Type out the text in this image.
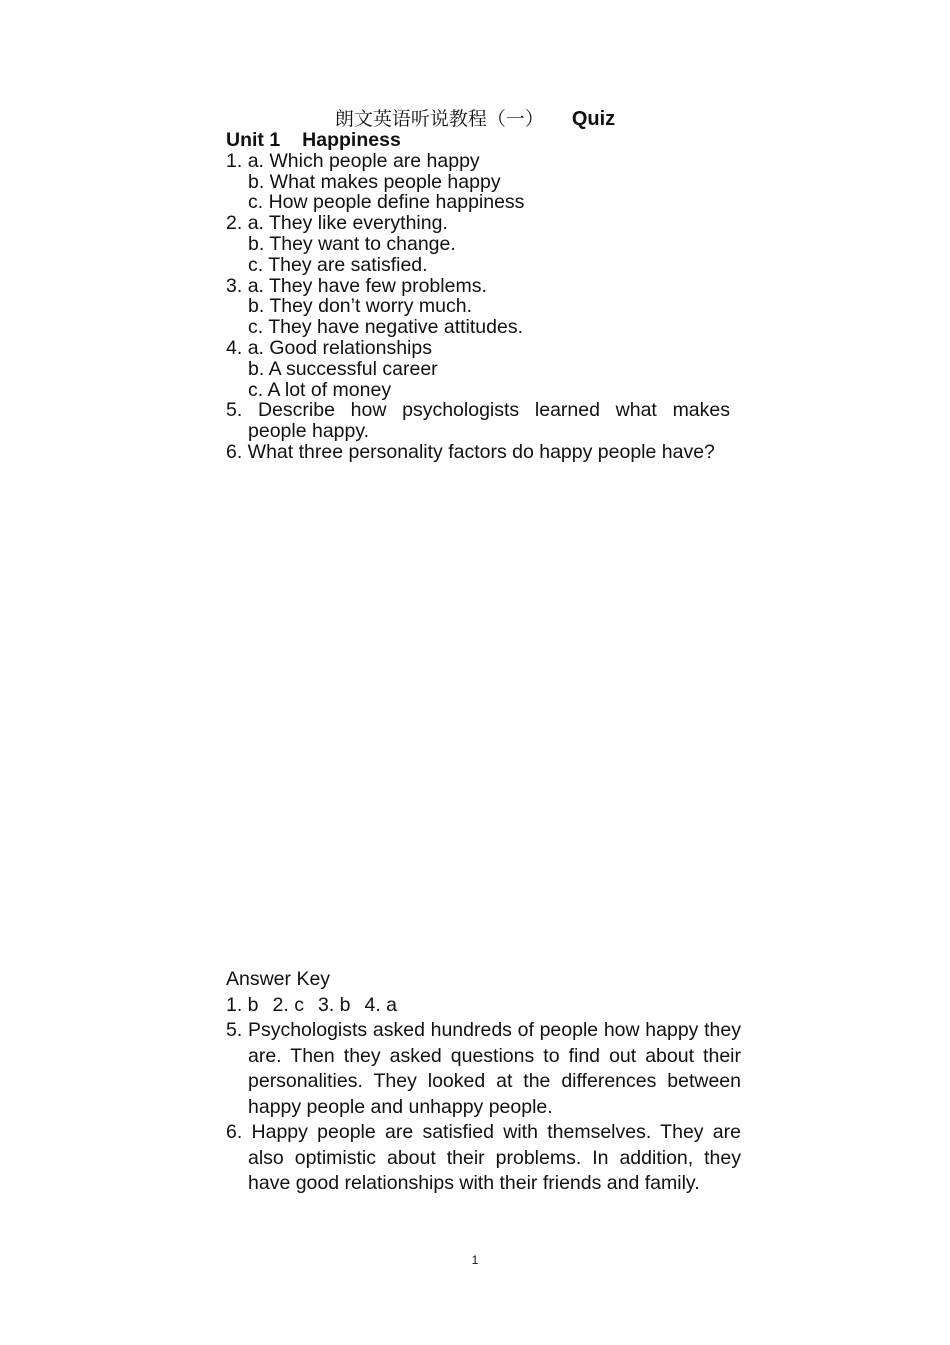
朗文英语听说教程（一） Quiz
Unit 1 Happiness
1. a. Which people are happy
b. What makes people happy
c. How people define happiness
2. a. They like everything.
b. They want to change.
c. They are satisfied.
3. a. They have few problems.
b. They don’t worry much.
c. They have negative attitudes.
4. a. Good relationships
b. A successful career
c. A lot of money
5. Describe how psychologists learned what makes people happy.
6. What three personality factors do happy people have?
Answer Key
1. b 2. c 3. b 4. a
5. Psychologists asked hundreds of people how happy they are. Then they asked questions to find out about their personalities. They looked at the differences between happy people and unhappy people.
6. Happy people are satisfied with themselves. They are also optimistic about their problems. In addition, they have good relationships with their friends and family.
1
